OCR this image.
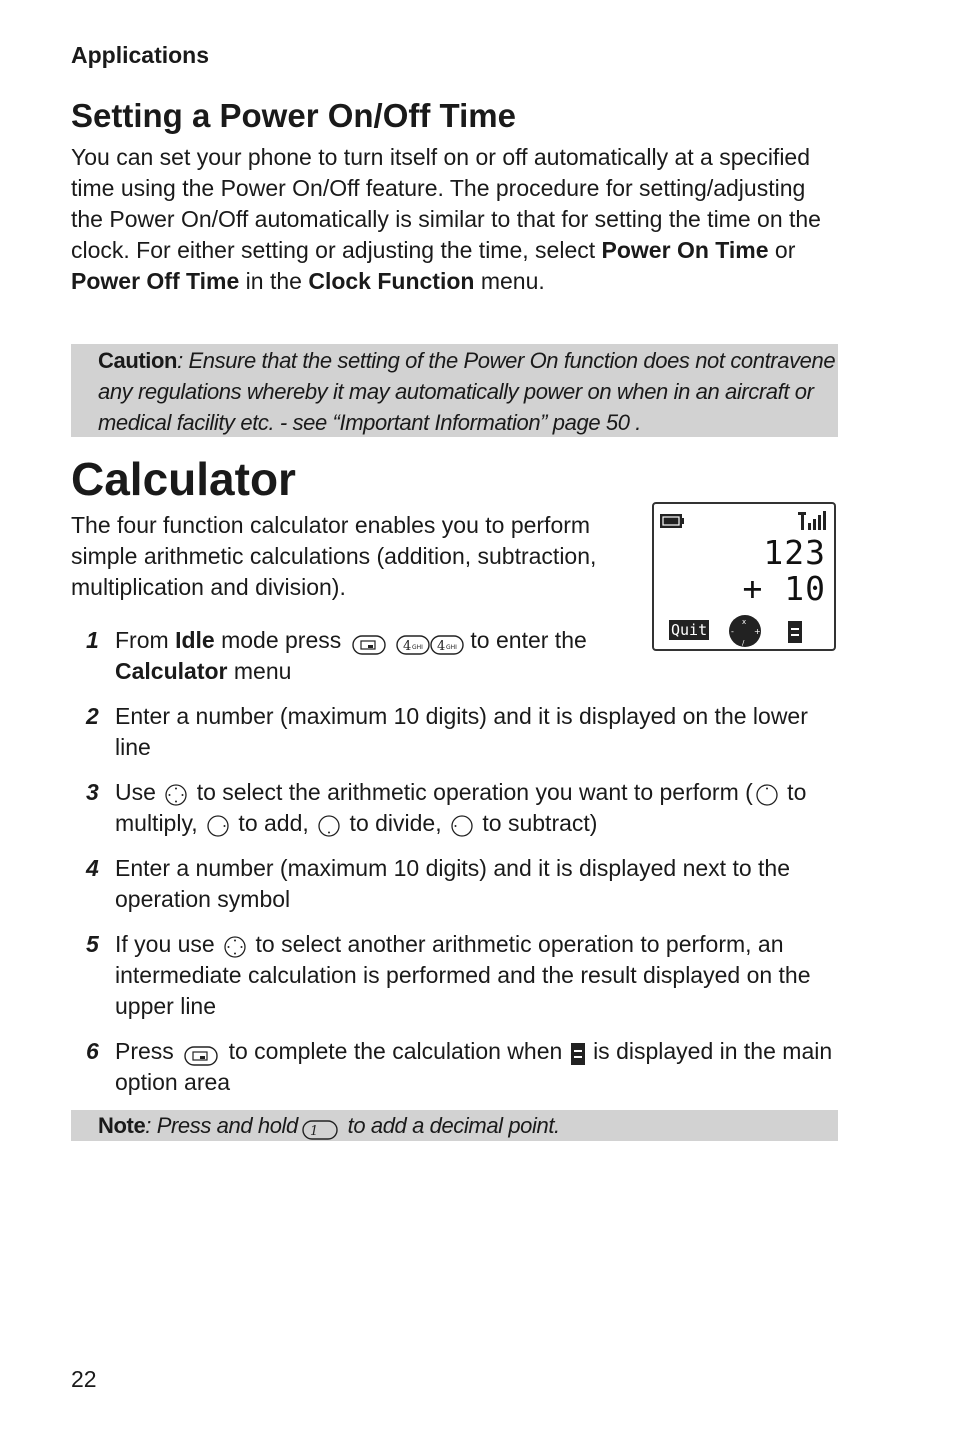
Applications
Setting a Power On/Off Time

You can set your phone to turn itself on or off automatically at a specified time using the Power On/Off feature. The procedure for setting/adjusting the Power On/Off automatically is similar to that for setting the time on the clock. For either setting or adjusting the time, select Power On Time or Power Off Time in the Clock Function menu.

Caution: Ensure that the setting of the Power On function does not contravene any regulations whereby it may automatically power on when in an aircraft or medical facility etc. - see “Important Information” page 50 .
Calculator

The four function calculator enables you to perform simple arithmetic calculations (addition, subtraction, multiplication and division).

1 From Idle mode press	4 GHI 4 GHI to enter the Calculator menu
2 Enter a number (maximum 10 digits) and it is displayed on the lower line
3 Use  to select the arithmetic operation you want to perform ( to multiply,  to add,  to divide,  to subtract)
4 Enter a number (maximum 10 digits) and it is displayed next to the operation symbol
5 If you use  to select another arithmetic operation to perform, an intermediate calculation is performed and the result displayed on the upper line
6 Press  to complete the calculation when  is displayed in the main option area
Note: Press and hold 1 to add a decimal point.
123
+ 10
Quit	x
-	+
/
22
